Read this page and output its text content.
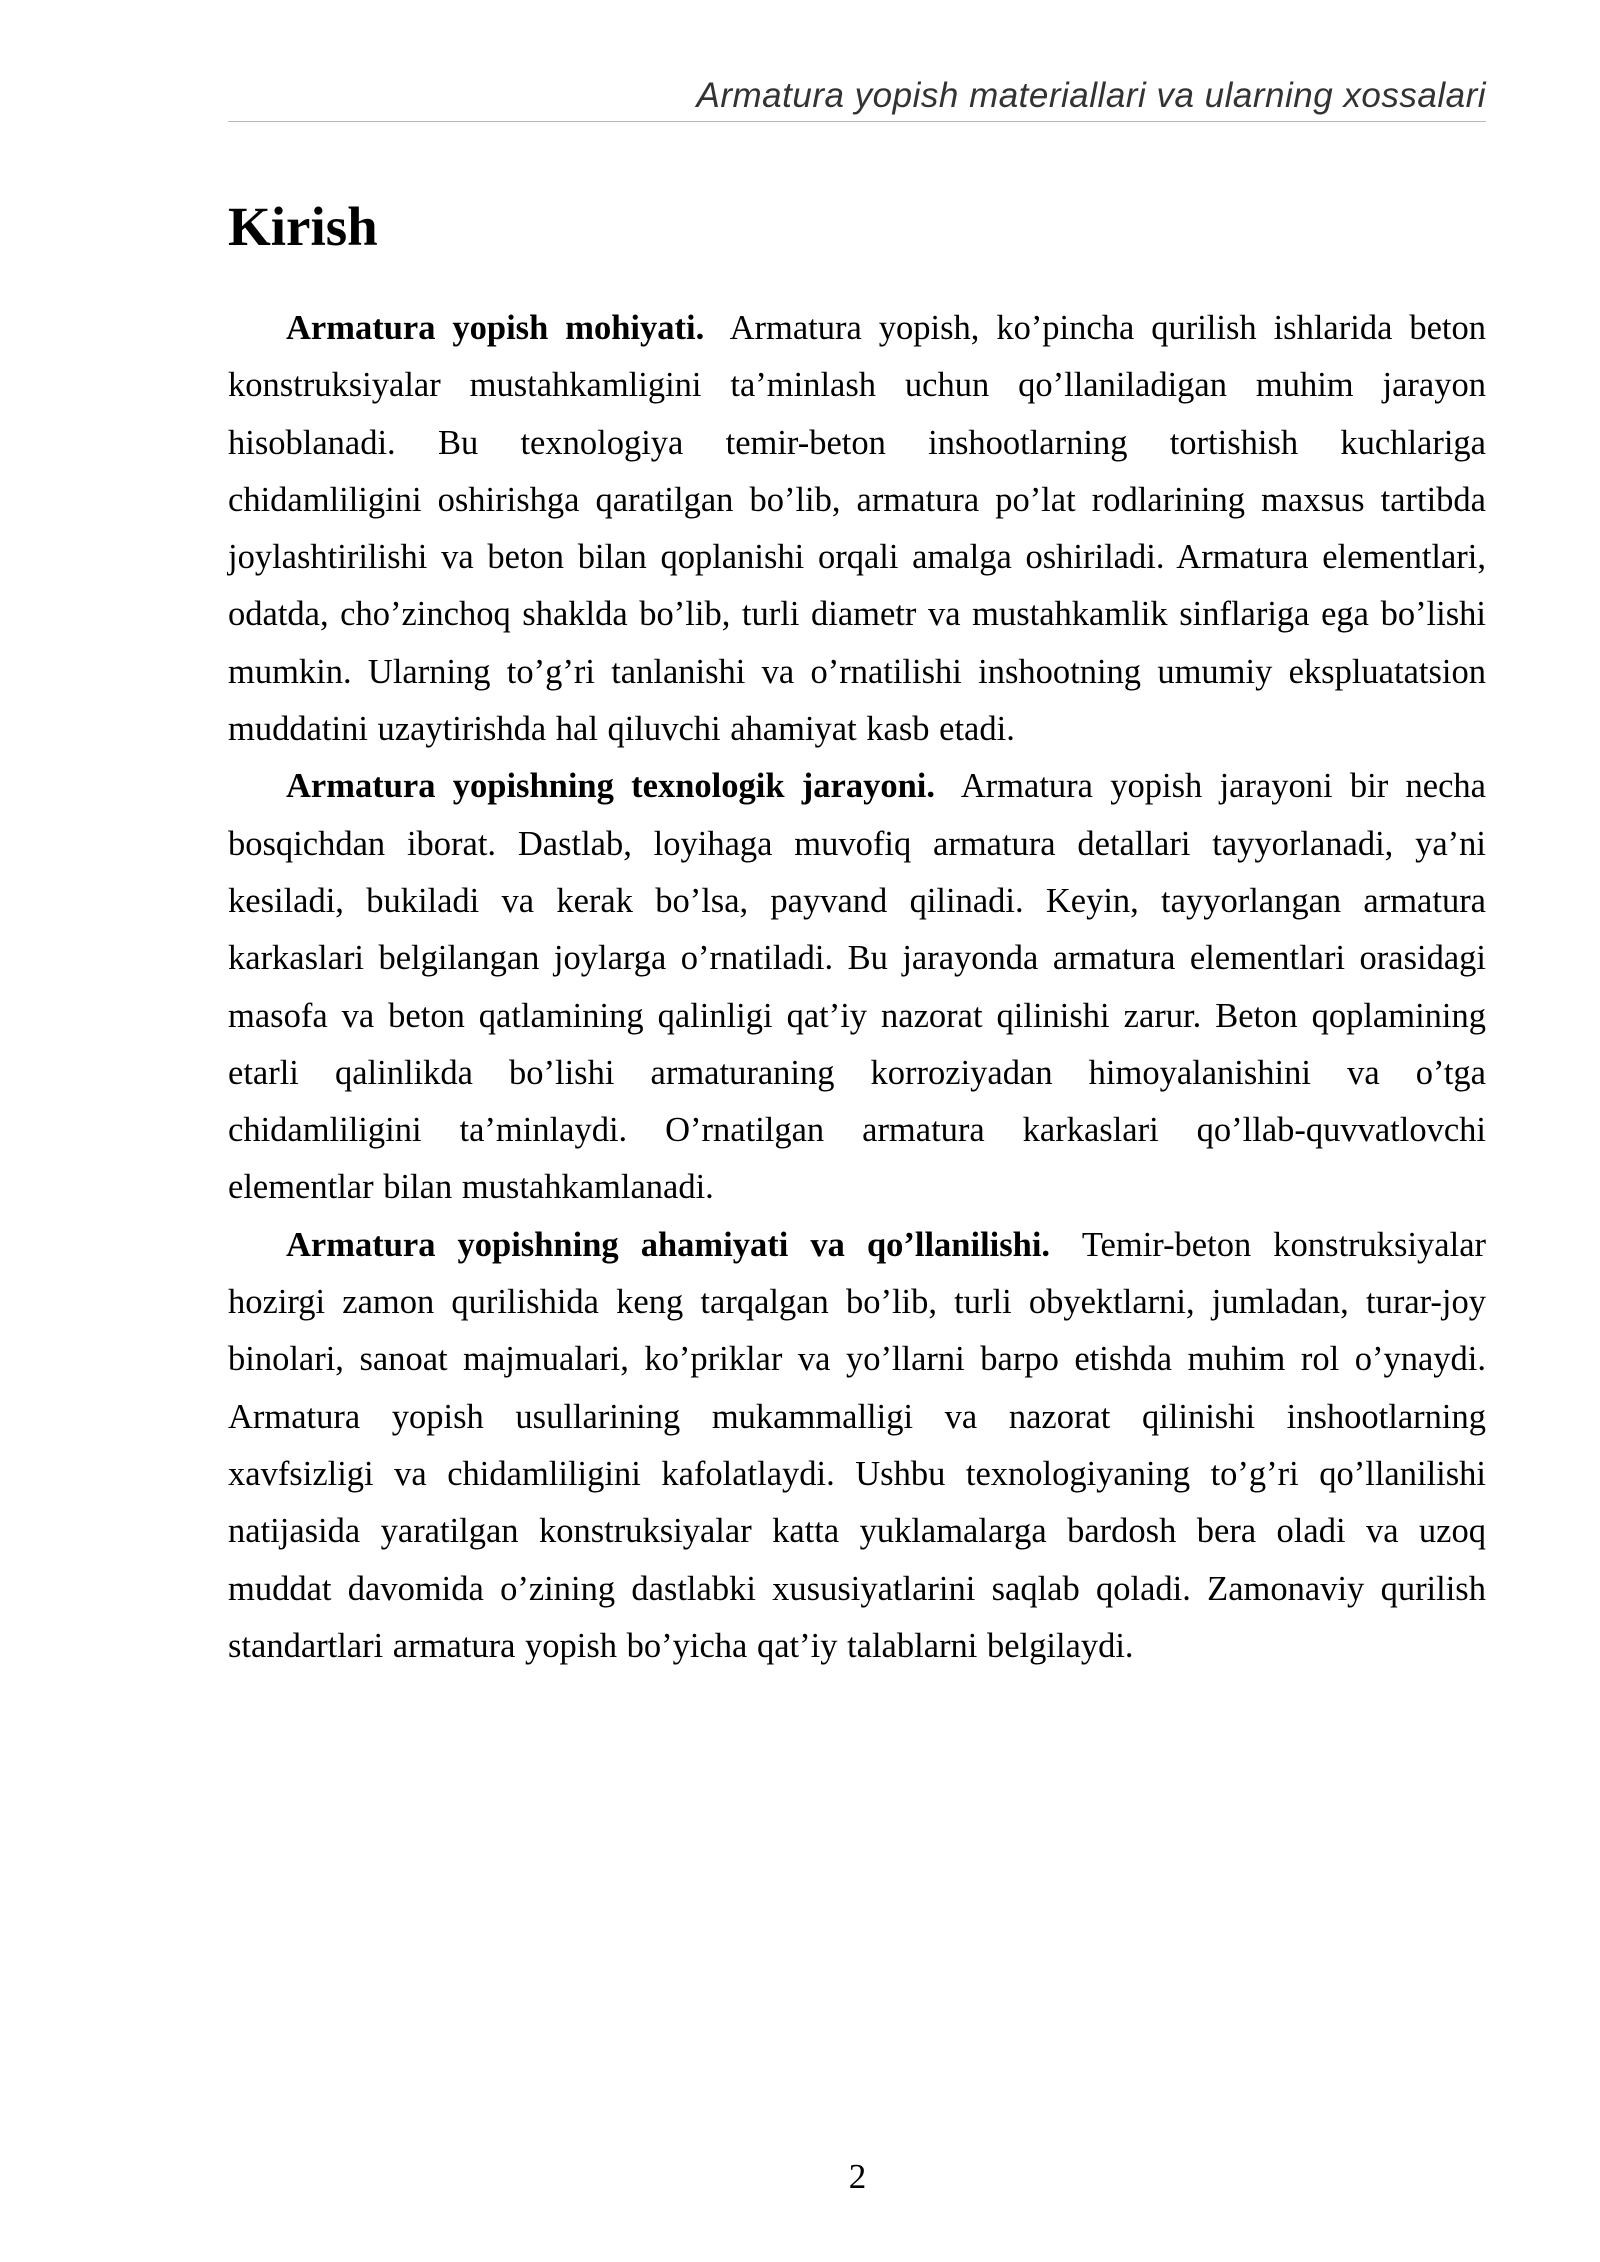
Armatura yopish materiallari va ularning xossalari
Kirish

Armatura yopish mohiyati. Armatura yopish, ko’pincha qurilish ishlarida beton konstruksiyalar mustahkamligini ta’minlash uchun qo’llaniladigan muhim jarayon hisoblanadi. Bu texnologiya temir-beton inshootlarning tortishish kuchlariga chidamliligini oshirishga qaratilgan bo’lib, armatura po’lat rodlarining maxsus tartibda joylashtirilishi va beton bilan qoplanishi orqali amalga oshiriladi. Armatura elementlari, odatda, cho’zinchoq shaklda bo’lib, turli diametr va mustahkamlik sinflariga ega bo’lishi mumkin. Ularning to’g’ri tanlanishi va o’rnatilishi inshootning umumiy ekspluatatsion muddatini uzaytirishda hal qiluvchi ahamiyat kasb etadi.

Armatura yopishning texnologik jarayoni. Armatura yopish jarayoni bir necha bosqichdan iborat. Dastlab, loyihaga muvofiq armatura detallari tayyorlanadi, ya’ni kesiladi, bukiladi va kerak bo’lsa, payvand qilinadi. Keyin, tayyorlangan armatura karkaslari belgilangan joylarga o’rnatiladi. Bu jarayonda armatura elementlari orasidagi masofa va beton qatlamining qalinligi qat’iy nazorat qilinishi zarur. Beton qoplamining etarli qalinlikda bo’lishi armaturaning korroziyadan himoyalanishini va o’tga chidamliligini ta’minlaydi. O’rnatilgan armatura karkaslari qo’llab-quvvatlovchi elementlar bilan mustahkamlanadi.

Armatura yopishning ahamiyati va qo’llanilishi. Temir-beton konstruksiyalar hozirgi zamon qurilishida keng tarqalgan bo’lib, turli obyektlarni, jumladan, turar-joy binolari, sanoat majmualari, ko’priklar va yo’llarni barpo etishda muhim rol o’ynaydi. Armatura yopish usullarining mukammalligi va nazorat qilinishi inshootlarning xavfsizligi va chidamliligini kafolatlaydi. Ushbu texnologiyaning to’g’ri qo’llanilishi natijasida yaratilgan konstruksiyalar katta yuklamalarga bardosh bera oladi va uzoq muddat davomida o’zining dastlabki xususiyatlarini saqlab qoladi. Zamonaviy qurilish standartlari armatura yopish bo’yicha qat’iy talablarni belgilaydi.

2
